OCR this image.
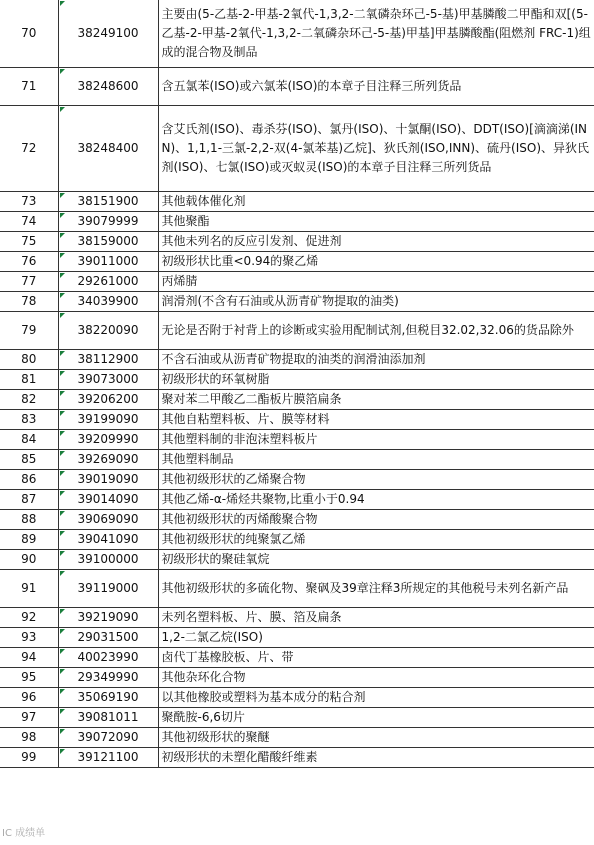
70	38249100	主要由(5-乙基-2-甲基-2氧代-1,3,2-二氧磷杂环己-5-基)甲基膦酸二甲酯和双[(5-乙基-2-甲基-2氧代-1,3,2-二氧磷杂环己-5-基)甲基]甲基膦酸酯(阻燃剂 FRC-1)组成的混合物及制品
71	38248600	含五氯苯(ISO)或六氯苯(ISO)的本章子目注释三所列货品
72	38248400	含艾氏剂(ISO)、毒杀芬(ISO)、氯丹(ISO)、十氯酮(ISO)、DDT(ISO)[滴滴涕(INN)、1,1,1-三氯-2,2-双(4-氯苯基)乙烷]、狄氏剂(ISO,INN)、硫丹(ISO)、异狄氏剂(ISO)、七氯(ISO)或灭蚁灵(ISO)的本章子目注释三所列货品
73	38151900	其他载体催化剂
74	39079999	其他聚酯
75	38159000	其他未列名的反应引发剂、促进剂
76	39011000	初级形状比重<0.94的聚乙烯
77	29261000	丙烯腈
78	34039900	润滑剂(不含有石油或从沥青矿物提取的油类)
79	38220090	无论是否附于衬背上的诊断或实验用配制试剂,但税目32.02,32.06的货品除外
80	38112900	不含石油或从沥青矿物提取的油类的润滑油添加剂
81	39073000	初级形状的环氧树脂
82	39206200	聚对苯二甲酸乙二酯板片膜箔扁条
83	39199090	其他自粘塑料板、片、膜等材料
84	39209990	其他塑料制的非泡沫塑料板片
85	39269090	其他塑料制品
86	39019090	其他初级形状的乙烯聚合物
87	39014090	其他乙烯-α-烯烃共聚物,比重小于0.94
88	39069090	其他初级形状的丙烯酸聚合物
89	39041090	其他初级形状的纯聚氯乙烯
90	39100000	初级形状的聚硅氧烷
91	39119000	其他初级形状的多硫化物、聚砜及39章注释3所规定的其他税号未列名新产品
92	39219090	未列名塑料板、片、膜、箔及扁条
93	29031500	1,2-二氯乙烷(ISO)
94	40023990	卤代丁基橡胶板、片、带
95	29349990	其他杂环化合物
96	35069190	以其他橡胶或塑料为基本成分的粘合剂
97	39081011	聚酰胺-6,6切片
98	39072090	其他初级形状的聚醚
99	39121100	初级形状的未塑化醋酸纤维素
IC 成绩单
